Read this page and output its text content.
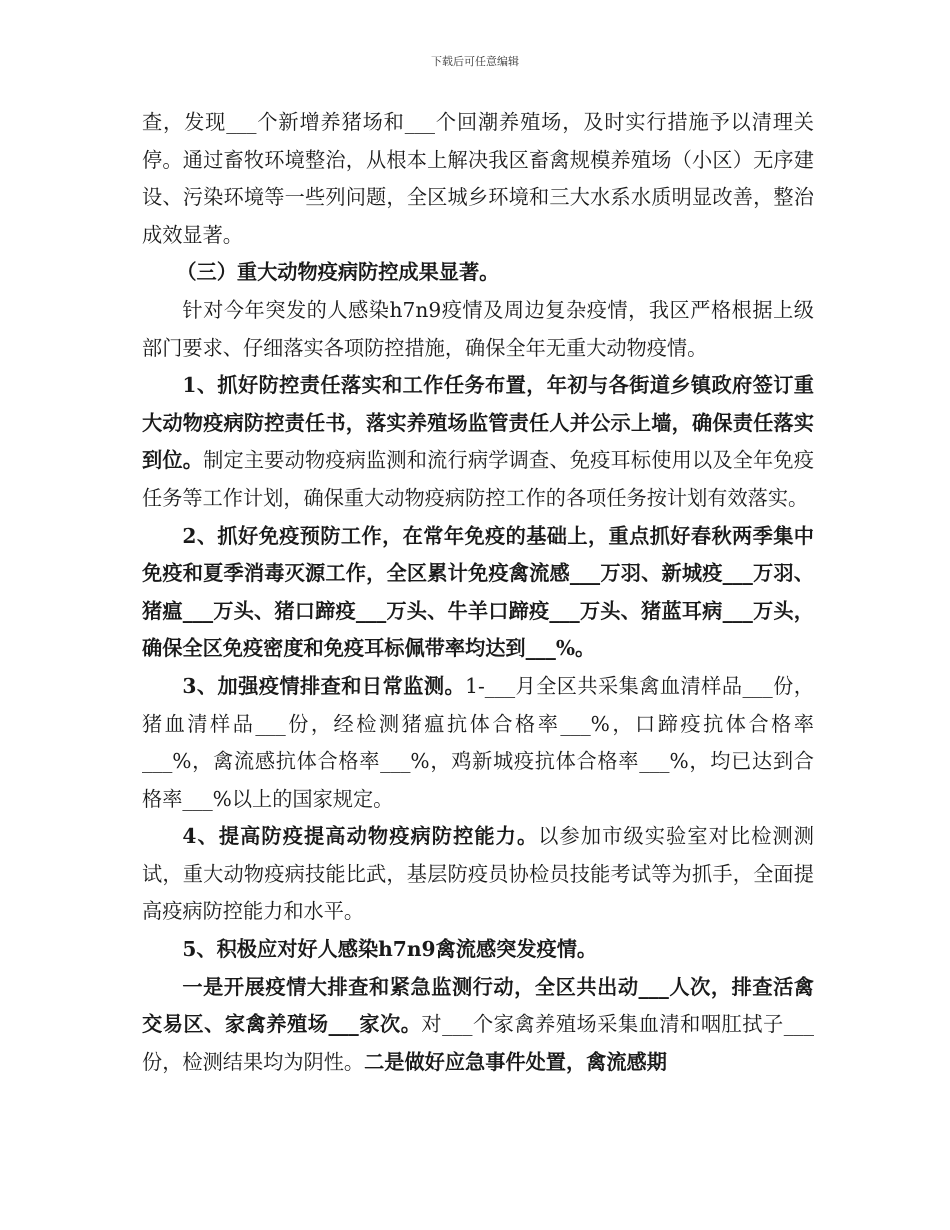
下载后可任意编辑

查，发现___个新增养猪场和___个回潮养殖场，及时实行措施予以清理关停。通过畜牧环境整治，从根本上解决我区畜禽规模养殖场（小区）无序建设、污染环境等一些列问题，全区城乡环境和三大水系水质明显改善，整治成效显著。

（三）重大动物疫病防控成果显著。

针对今年突发的人感染h7n9疫情及周边复杂疫情，我区严格根据上级部门要求、仔细落实各项防控措施，确保全年无重大动物疫情。

1、抓好防控责任落实和工作任务布置，年初与各街道乡镇政府签订重大动物疫病防控责任书，落实养殖场监管责任人并公示上墙，确保责任落实到位。制定主要动物疫病监测和流行病学调查、免疫耳标使用以及全年免疫任务等工作计划，确保重大动物疫病防控工作的各项任务按计划有效落实。

2、抓好免疫预防工作，在常年免疫的基础上，重点抓好春秋两季集中免疫和夏季消毒灭源工作，全区累计免疫禽流感___万羽、新城疫___万羽、猪瘟___万头、猪口蹄疫___万头、牛羊口蹄疫___万头、猪蓝耳病___万头，确保全区免疫密度和免疫耳标佩带率均达到___%。

3、加强疫情排查和日常监测。1-___月全区共采集禽血清样品___份，猪血清样品___份，经检测猪瘟抗体合格率___%，口蹄疫抗体合格率___%，禽流感抗体合格率___%，鸡新城疫抗体合格率___%，均已达到合格率___%以上的国家规定。

4、提高防疫提高动物疫病防控能力。以参加市级实验室对比检测测试，重大动物疫病技能比武，基层防疫员协检员技能考试等为抓手，全面提高疫病防控能力和水平。

5、积极应对好人感染h7n9禽流感突发疫情。

一是开展疫情大排查和紧急监测行动，全区共出动___人次，排查活禽交易区、家禽养殖场___家次。对___个家禽养殖场采集血清和咽肛拭子___份，检测结果均为阴性。二是做好应急事件处置，禽流感期
